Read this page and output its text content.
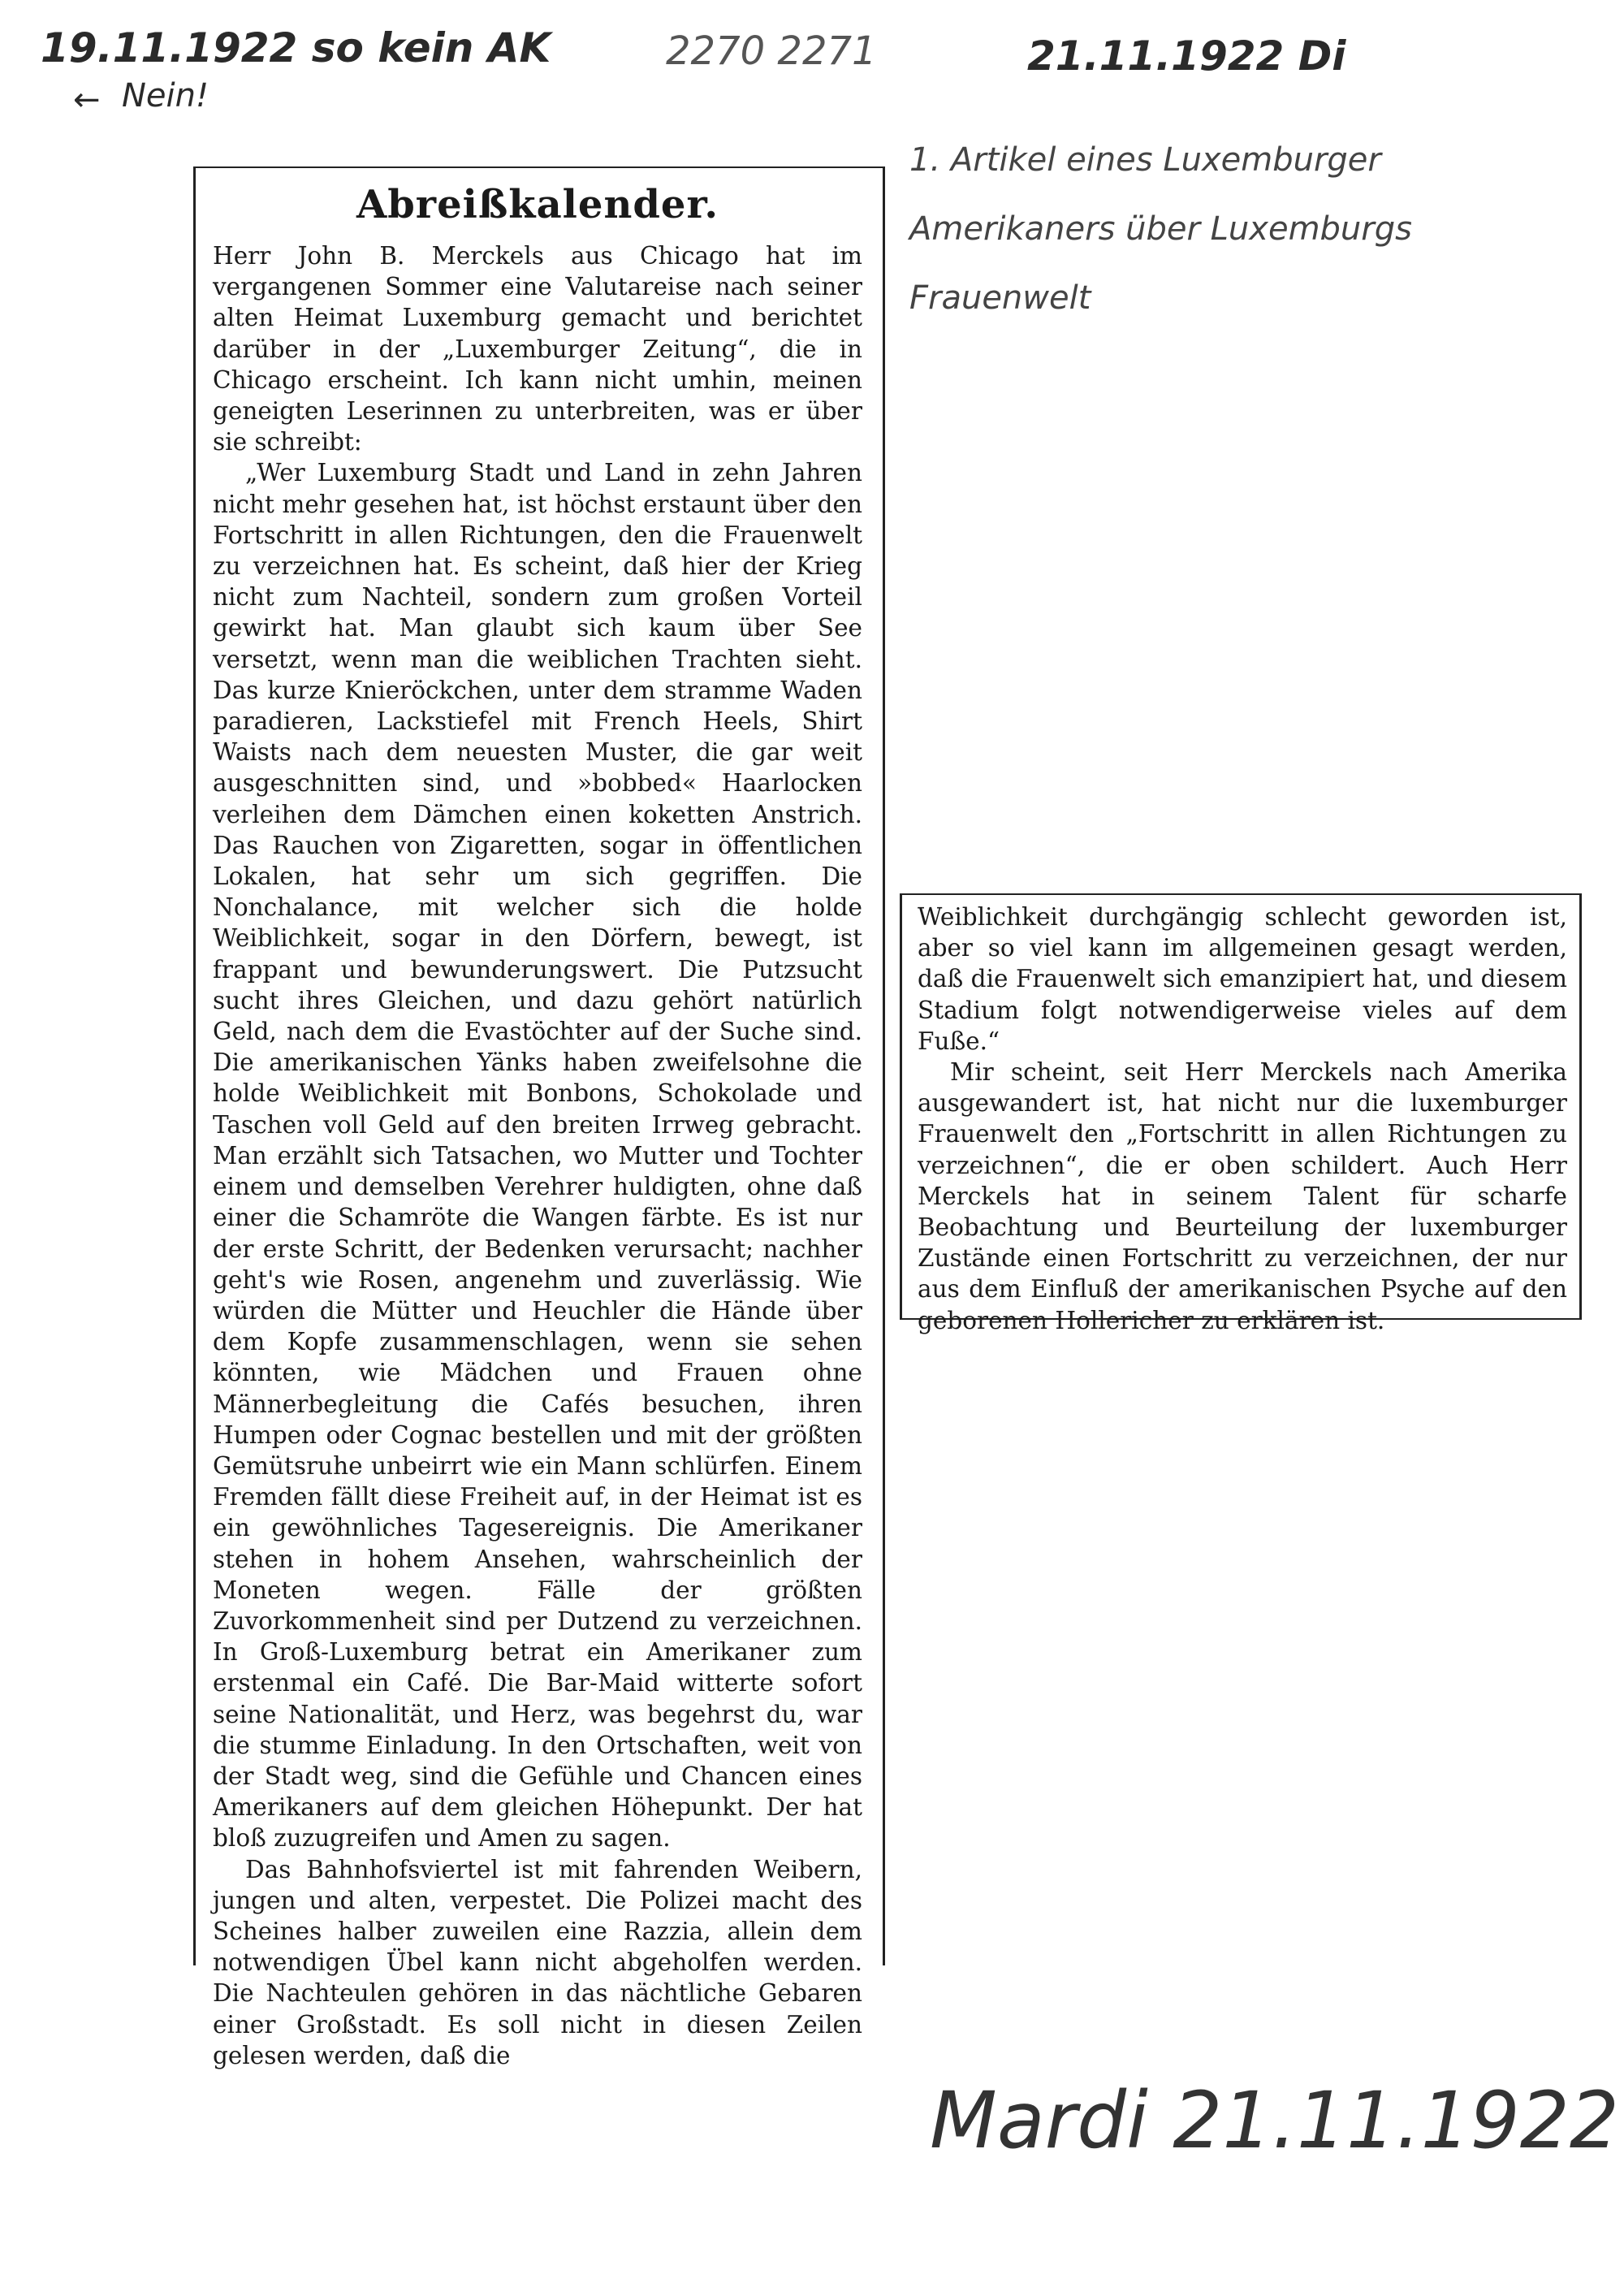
19.11.1922 so kein AK
← Nein!
2270 2271	21.11.1922 Di
1. Artikel eines Luxemburger Amerikaners über Luxemburgs Frauenwelt
Abreißkalender.

Herr John B. Merckels aus Chicago hat im vergangenen Sommer eine Valutareise nach seiner alten Heimat Luxemburg gemacht und berichtet darüber in der „Luxemburger Zeitung“, die in Chicago erscheint. Ich kann nicht umhin, meinen geneigten Leserinnen zu unterbreiten, was er über sie schreibt:

„Wer Luxemburg Stadt und Land in zehn Jahren nicht mehr gesehen hat, ist höchst erstaunt über den Fortschritt in allen Richtungen, den die Frauenwelt zu verzeichnen hat. Es scheint, daß hier der Krieg nicht zum Nachteil, sondern zum großen Vorteil gewirkt hat. Man glaubt sich kaum über See versetzt, wenn man die weiblichen Trachten sieht. Das kurze Knieröckchen, unter dem stramme Waden paradieren, Lackstiefel mit French Heels, Shirt Waists nach dem neuesten Muster, die gar weit ausgeschnitten sind, und »bobbed« Haarlocken verleihen dem Dämchen einen koketten Anstrich. Das Rauchen von Zigaretten, sogar in öffentlichen Lokalen, hat sehr um sich gegriffen. Die Nonchalance, mit welcher sich die holde Weiblichkeit, sogar in den Dörfern, bewegt, ist frappant und bewunderungswert. Die Putzsucht sucht ihres Gleichen, und dazu gehört natürlich Geld, nach dem die Evastöchter auf der Suche sind. Die amerikanischen Yänks haben zweifelsohne die holde Weiblichkeit mit Bonbons, Schokolade und Taschen voll Geld auf den breiten Irrweg gebracht. Man erzählt sich Tatsachen, wo Mutter und Tochter einem und demselben Verehrer huldigten, ohne daß einer die Schamröte die Wangen färbte. Es ist nur der erste Schritt, der Bedenken verursacht; nachher geht's wie Rosen, angenehm und zuverlässig. Wie würden die Mütter und Heuchler die Hände über dem Kopfe zusammenschlagen, wenn sie sehen könnten, wie Mädchen und Frauen ohne Männerbegleitung die Cafés besuchen, ihren Humpen oder Cognac bestellen und mit der größten Gemütsruhe unbeirrt wie ein Mann schlürfen. Einem Fremden fällt diese Freiheit auf, in der Heimat ist es ein gewöhnliches Tagesereignis. Die Amerikaner stehen in hohem Ansehen, wahrscheinlich der Moneten wegen. Fälle der größten Zuvorkommenheit sind per Dutzend zu verzeichnen. In Groß-Luxemburg betrat ein Amerikaner zum erstenmal ein Café. Die Bar-Maid witterte sofort seine Nationalität, und Herz, was begehrst du, war die stumme Einladung. In den Ortschaften, weit von der Stadt weg, sind die Gefühle und Chancen eines Amerikaners auf dem gleichen Höhepunkt. Der hat bloß zuzugreifen und Amen zu sagen.

Das Bahnhofsviertel ist mit fahrenden Weibern, jungen und alten, verpestet. Die Polizei macht des Scheines halber zuweilen eine Razzia, allein dem notwendigen Übel kann nicht abgeholfen werden. Die Nachteulen gehören in das nächtliche Gebaren einer Großstadt. Es soll nicht in diesen Zeilen gelesen werden, daß die

Weiblichkeit durchgängig schlecht geworden ist, aber so viel kann im allgemeinen gesagt werden, daß die Frauenwelt sich emanzipiert hat, und diesem Stadium folgt notwendigerweise vieles auf dem Fuße.“

Mir scheint, seit Herr Merckels nach Amerika ausgewandert ist, hat nicht nur die luxemburger Frauenwelt den „Fortschritt in allen Richtungen zu verzeichnen“, die er oben schildert. Auch Herr Merckels hat in seinem Talent für scharfe Beobachtung und Beurteilung der luxemburger Zustände einen Fortschritt zu verzeichnen, der nur aus dem Einfluß der amerikanischen Psyche auf den geborenen Hollericher zu erklären ist.

Mardi 21.11.1922
